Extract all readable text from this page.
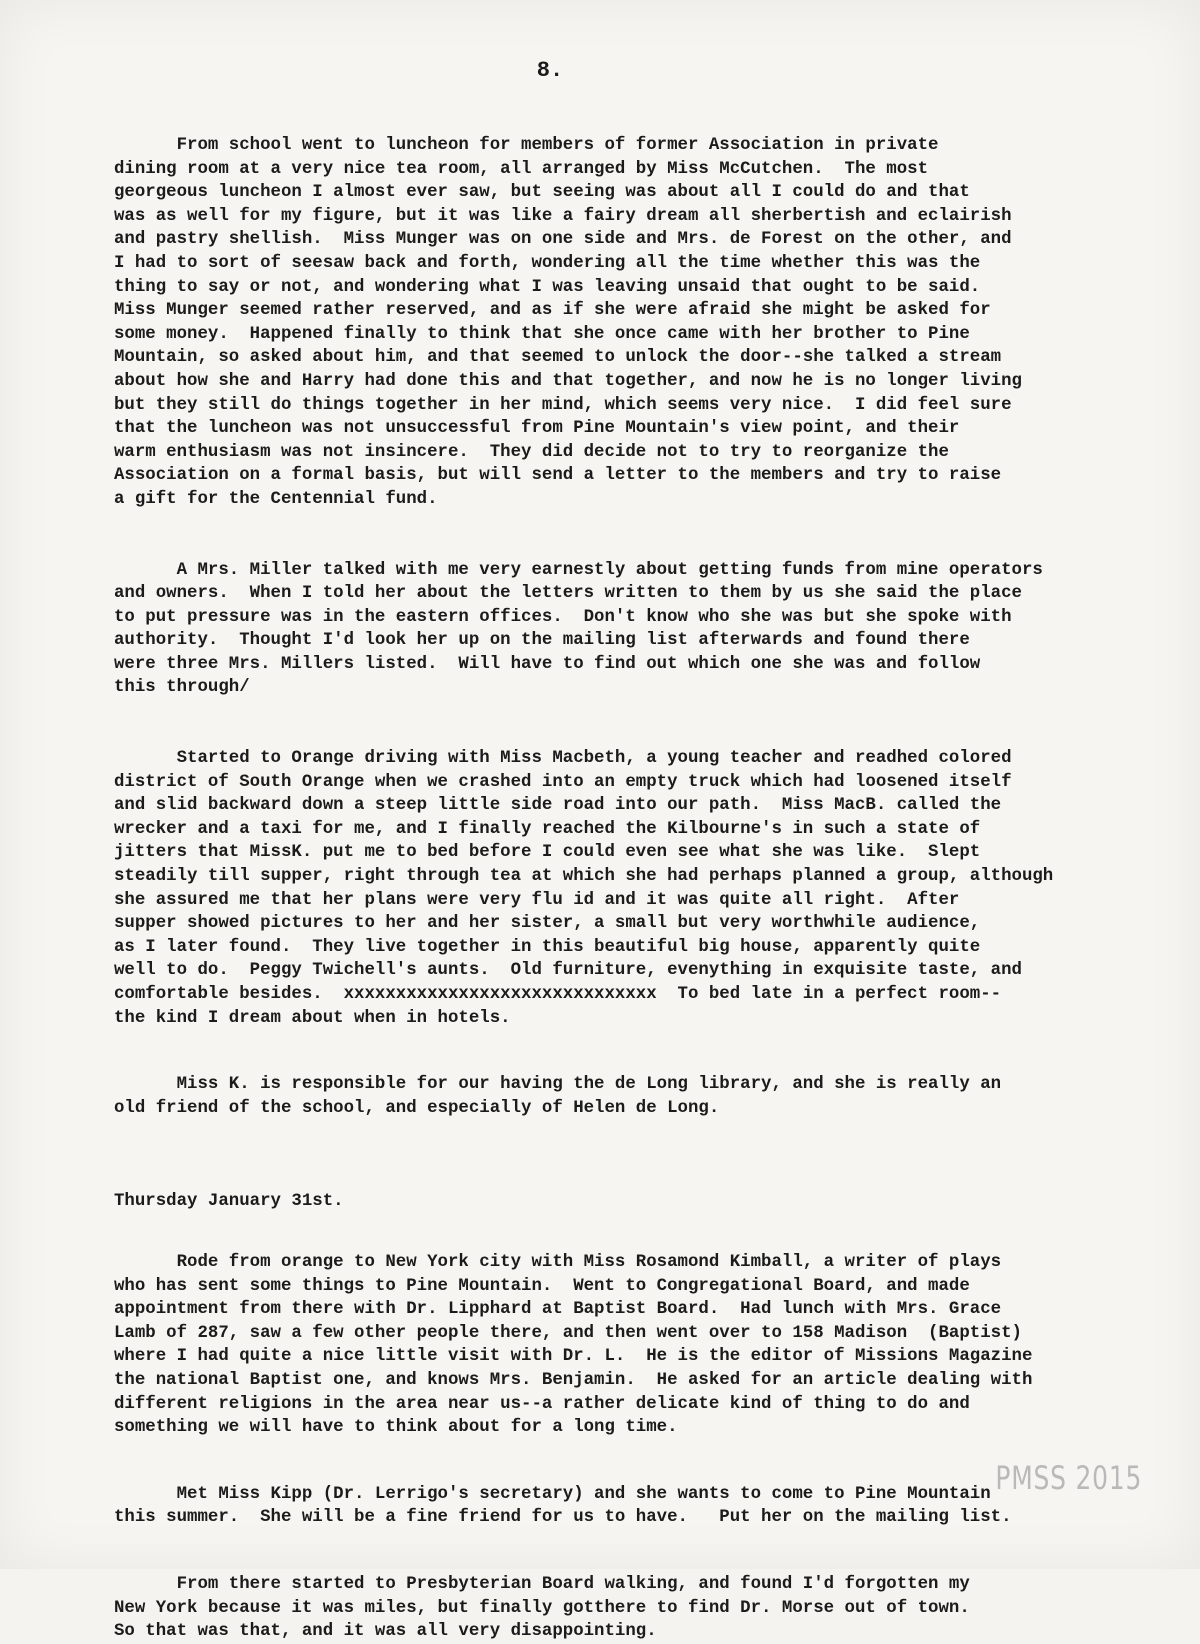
8.

From school went to luncheon for members of former Association in private
dining room at a very nice tea room, all arranged by Miss McCutchen.  The most
georgeous luncheon I almost ever saw, but seeing was about all I could do and that
was as well for my figure, but it was like a fairy dream all sherbertish and eclairish
and pastry shellish.  Miss Munger was on one side and Mrs. de Forest on the other, and
I had to sort of seesaw back and forth, wondering all the time whether this was the
thing to say or not, and wondering what I was leaving unsaid that ought to be said.
Miss Munger seemed rather reserved, and as if she were afraid she might be asked for
some money.  Happened finally to think that she once came with her brother to Pine
Mountain, so asked about him, and that seemed to unlock the door--she talked a stream
about how she and Harry had done this and that together, and now he is no longer living
but they still do things together in her mind, which seems very nice.  I did feel sure
that the luncheon was not unsuccessful from Pine Mountain's view point, and their
warm enthusiasm was not insincere.  They did decide not to try to reorganize the
Association on a formal basis, but will send a letter to the members and try to raise
a gift for the Centennial fund.

A Mrs. Miller talked with me very earnestly about getting funds from mine operators
and owners.  When I told her about the letters written to them by us she said the place
to put pressure was in the eastern offices.  Don't know who she was but she spoke with
authority.  Thought I'd look her up on the mailing list afterwards and found there
were three Mrs. Millers listed.  Will have to find out which one she was and follow
this through/

Started to Orange driving with Miss Macbeth, a young teacher and readhed colored
district of South Orange when we crashed into an empty truck which had loosened itself
and slid backward down a steep little side road into our path.  Miss MacB. called the
wrecker and a taxi for me, and I finally reached the Kilbourne's in such a state of
jitters that MissK. put me to bed before I could even see what she was like.  Slept
steadily till supper, right through tea at which she had perhaps planned a group, although
she assured me that her plans were very flu id and it was quite all right.  After
supper showed pictures to her and her sister, a small but very worthwhile audience,
as I later found.  They live together in this beautiful big house, apparently quite
well to do.  Peggy Twichell's aunts.  Old furniture, evenything in exquisite taste, and
comfortable besides.  xxxxxxxxxxxxxxxxxxxxxxxxxxxxxx  To bed late in a perfect room--
the kind I dream about when in hotels.

Miss K. is responsible for our having the de Long library, and she is really an
old friend of the school, and especially of Helen de Long.

Thursday January 31st.

Rode from orange to New York city with Miss Rosamond Kimball, a writer of plays
who has sent some things to Pine Mountain.  Went to Congregational Board, and made
appointment from there with Dr. Lipphard at Baptist Board.  Had lunch with Mrs. Grace
Lamb of 287, saw a few other people there, and then went over to 158 Madison  (Baptist)
where I had quite a nice little visit with Dr. L.  He is the editor of Missions Magazine
the national Baptist one, and knows Mrs. Benjamin.  He asked for an article dealing with
different religions in the area near us--a rather delicate kind of thing to do and
something we will have to think about for a long time.

Met Miss Kipp (Dr. Lerrigo's secretary) and she wants to come to Pine Mountain
this summer.  She will be a fine friend for us to have.   Put her on the mailing list.

From there started to Presbyterian Board walking, and found I'd forgotten my
New York because it was miles, but finally gotthere to find Dr. Morse out of town.
So that was that, and it was all very disappointing.

PMSS 2015
